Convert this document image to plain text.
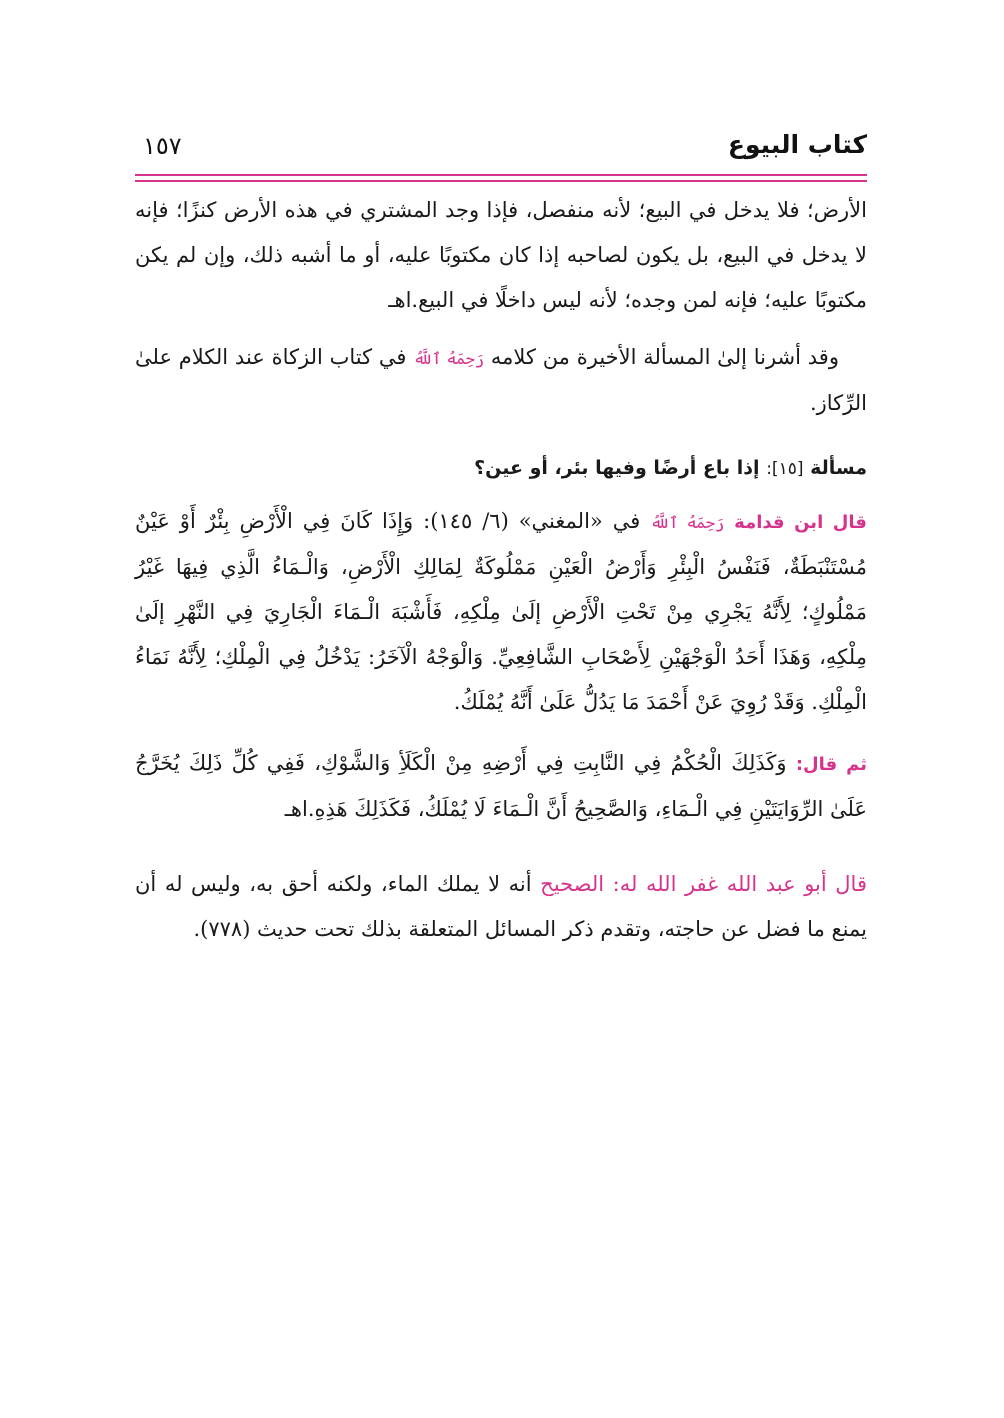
كتاب البيوع
١٥٧

الأرض؛ فلا يدخل في البيع؛ لأنه منفصل، فإذا وجد المشتري في هذه الأرض كنزًا؛ فإنه لا يدخل في البيع، بل يكون لصاحبه إذا كان مكتوبًا عليه، أو ما أشبه ذلك، وإن لم يكن مكتوبًا عليه؛ فإنه لمن وجده؛ لأنه ليس داخلًا في البيع.اهـ

وقد أشرنا إلىٰ المسألة الأخيرة من كلامه رَحِمَهُ ٱللَّهُ في كتاب الزكاة عند الكلام علىٰ الرِّكاز.

مسألة [١٥]: إذا باع أرضًا وفيها بئر، أو عين؟

قال ابن قدامة رَحِمَهُ ٱللَّهُ في «المغني» (٦/ ١٤٥): وَإِذَا كَانَ فِي الْأَرْضِ بِئْرٌ أَوْ عَيْنٌ مُسْتَنْبَطَةٌ، فَنَفْسُ الْبِئْرِ وَأَرْضُ الْعَيْنِ مَمْلُوكَةٌ لِمَالِكِ الْأَرْضِ، وَالْـمَاءُ الَّذِي فِيهَا غَيْرُ مَمْلُوكٍ؛ لِأَنَّهُ يَجْرِي مِنْ تَحْتِ الْأَرْضِ إلَىٰ مِلْكِهِ، فَأَشْبَهَ الْـمَاءَ الْجَارِيَ فِي النَّهْرِ إلَىٰ مِلْكِهِ، وَهَذَا أَحَدُ الْوَجْهَيْنِ لِأَصْحَابِ الشَّافِعِيِّ. وَالْوَجْهُ الْآخَرُ: يَدْخُلُ فِي الْمِلْكِ؛ لِأَنَّهُ نَمَاءُ الْمِلْكِ. وَقَدْ رُوِيَ عَنْ أَحْمَدَ مَا يَدُلُّ عَلَىٰ أَنَّهُ يُمْلَكُ.

ثم قال: وَكَذَلِكَ الْحُكْمُ فِي النَّابِتِ فِي أَرْضِهِ مِنْ الْكَلَأِ وَالشَّوْكِ، فَفِي كُلِّ ذَلِكَ يُخَرَّجُ عَلَىٰ الرِّوَايَتَيْنِ فِي الْـمَاءِ، وَالصَّحِيحُ أَنَّ الْـمَاءَ لَا يُمْلَكُ، فَكَذَلِكَ هَذِهِ.اهـ

قال أبو عبد الله غفر الله له: الصحيح أنه لا يملك الماء، ولكنه أحق به، وليس له أن يمنع ما فضل عن حاجته، وتقدم ذكر المسائل المتعلقة بذلك تحت حديث (٧٧٨).
